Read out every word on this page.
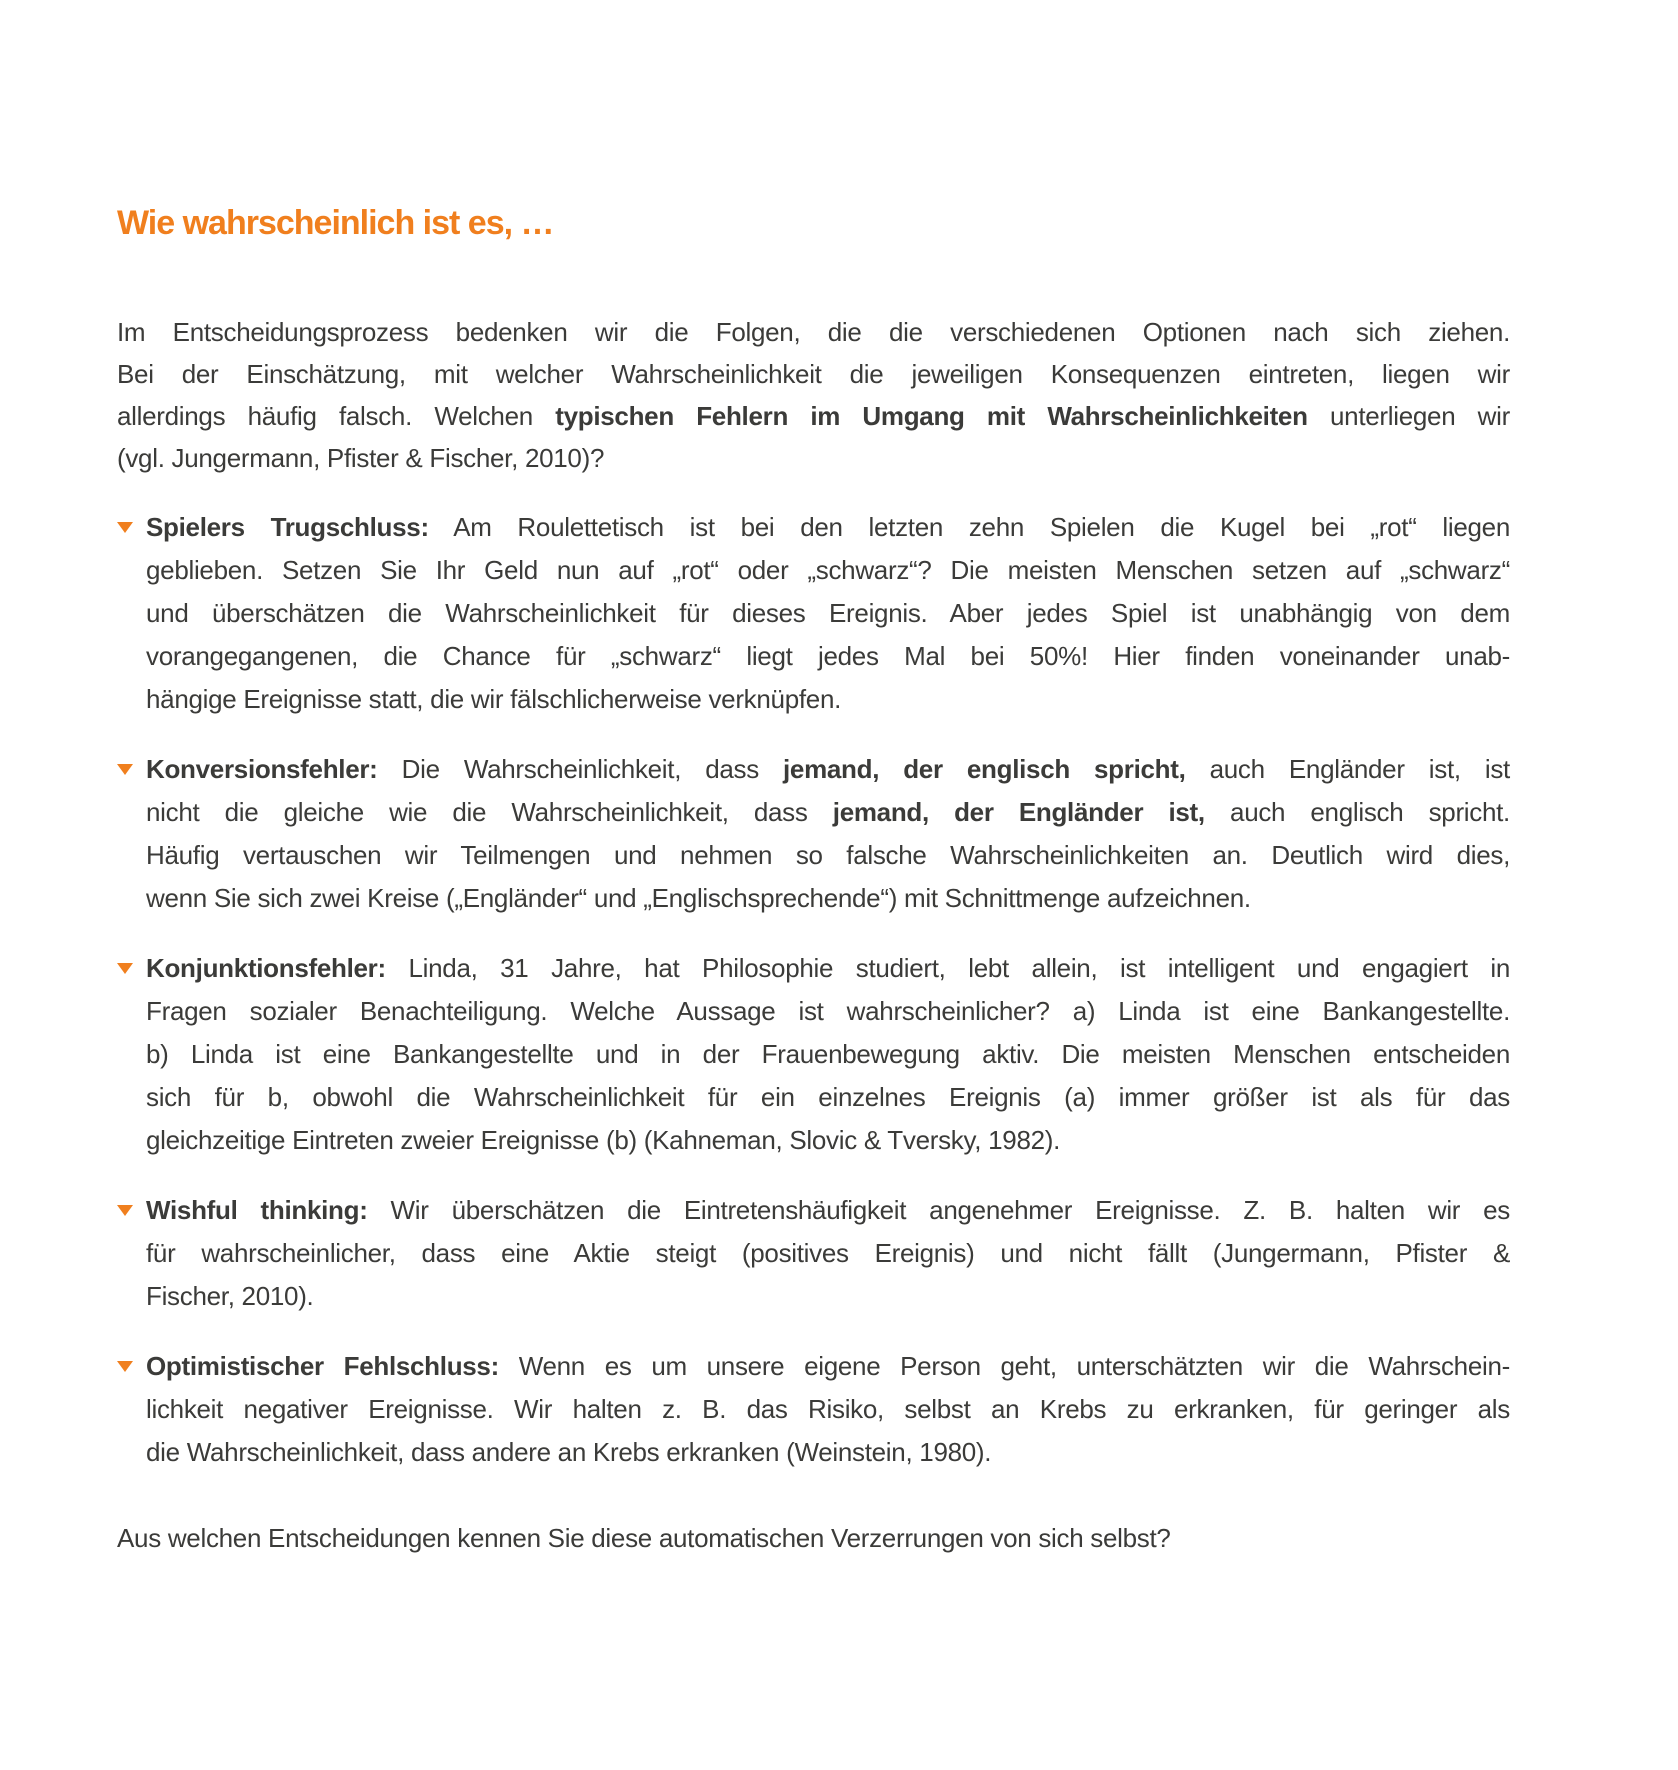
Wie wahrscheinlich ist es, …
Im Entscheidungsprozess bedenken wir die Folgen, die die verschiedenen Optionen nach sich ziehen.
Bei der Einschätzung, mit welcher Wahrscheinlichkeit die jeweiligen Konsequenzen eintreten, liegen wir
allerdings häufig falsch. Welchen typischen Fehlern im Umgang mit Wahrscheinlichkeiten unterliegen wir
(vgl. Jungermann, Pfister & Fischer, 2010)?
Spielers Trugschluss: Am Roulettetisch ist bei den letzten zehn Spielen die Kugel bei „rot“ liegen
geblieben. Setzen Sie Ihr Geld nun auf „rot“ oder „schwarz“? Die meisten Menschen setzen auf „schwarz“
und überschätzen die Wahrscheinlichkeit für dieses Ereignis. Aber jedes Spiel ist unabhängig von dem
vorangegangenen, die Chance für „schwarz“ liegt jedes Mal bei 50%! Hier finden voneinander unab-
hängige Ereignisse statt, die wir fälschlicherweise verknüpfen.
Konversionsfehler: Die Wahrscheinlichkeit, dass jemand, der englisch spricht, auch Engländer ist, ist
nicht die gleiche wie die Wahrscheinlichkeit, dass jemand, der Engländer ist, auch englisch spricht.
Häufig vertauschen wir Teilmengen und nehmen so falsche Wahrscheinlichkeiten an. Deutlich wird dies,
wenn Sie sich zwei Kreise („Engländer“ und „Englischsprechende“) mit Schnittmenge aufzeichnen.
Konjunktionsfehler: Linda, 31 Jahre, hat Philosophie studiert, lebt allein, ist intelligent und engagiert in
Fragen sozialer Benachteiligung. Welche Aussage ist wahrscheinlicher? a) Linda ist eine Bankangestellte.
b) Linda ist eine Bankangestellte und in der Frauenbewegung aktiv. Die meisten Menschen entscheiden
sich für b, obwohl die Wahrscheinlichkeit für ein einzelnes Ereignis (a) immer größer ist als für das
gleichzeitige Eintreten zweier Ereignisse (b) (Kahneman, Slovic & Tversky, 1982).
Wishful thinking: Wir überschätzen die Eintretenshäufigkeit angenehmer Ereignisse. Z. B. halten wir es
für wahrscheinlicher, dass eine Aktie steigt (positives Ereignis) und nicht fällt (Jungermann, Pfister &
Fischer, 2010).
Optimistischer Fehlschluss: Wenn es um unsere eigene Person geht, unterschätzten wir die Wahrschein-
lichkeit negativer Ereignisse. Wir halten z. B. das Risiko, selbst an Krebs zu erkranken, für geringer als
die Wahrscheinlichkeit, dass andere an Krebs erkranken (Weinstein, 1980).
Aus welchen Entscheidungen kennen Sie diese automatischen Verzerrungen von sich selbst?
